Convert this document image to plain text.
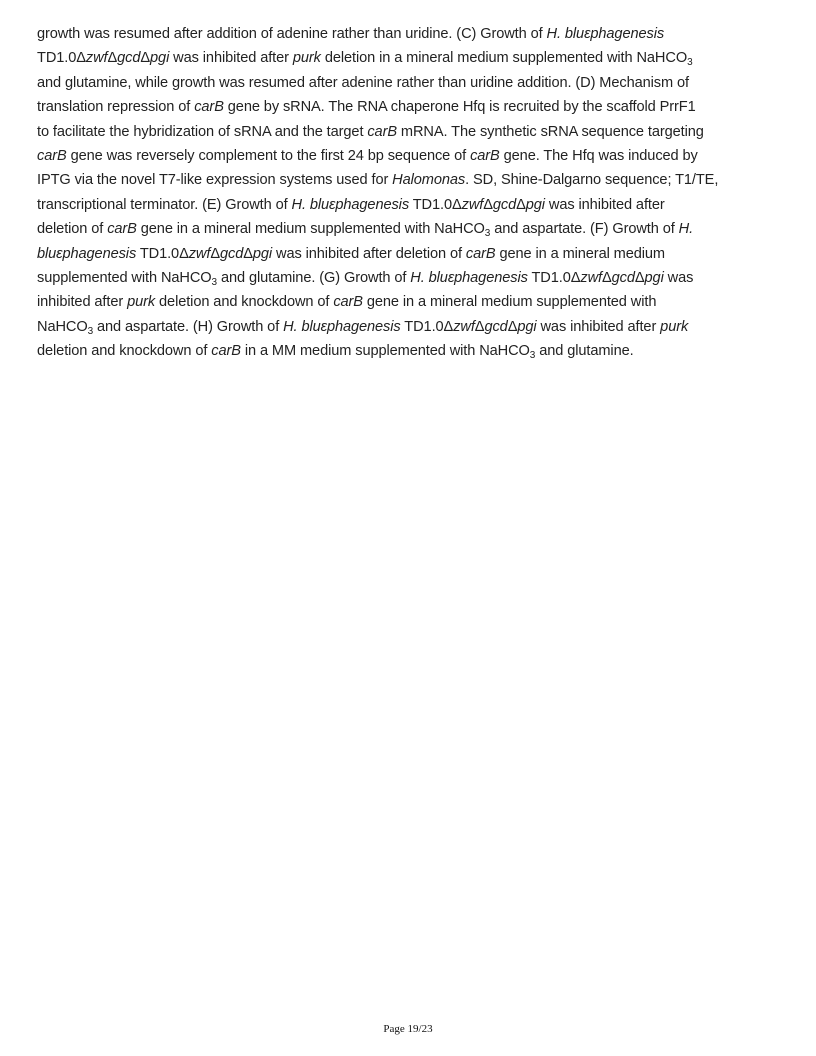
growth was resumed after addition of adenine rather than uridine. (C) Growth of H. bluεphagenesis
TD1.0ΔzwfΔgcdΔpgi was inhibited after purk deletion in a mineral medium supplemented with NaHCO$_3$
and glutamine, while growth was resumed after adenine rather than uridine addition. (D) Mechanism of
translation repression of carB gene by sRNA. The RNA chaperone Hfq is recruited by the scaffold PrrF1
to facilitate the hybridization of sRNA and the target carB mRNA. The synthetic sRNA sequence targeting
carB gene was reversely complement to the first 24 bp sequence of carB gene. The Hfq was induced by
IPTG via the novel T7-like expression systems used for Halomonas. SD, Shine-Dalgarno sequence; T1/TE,
transcriptional terminator. (E) Growth of H. bluεphagenesis TD1.0ΔzwfΔgcdΔpgi was inhibited after
deletion of carB gene in a mineral medium supplemented with NaHCO$_3$ and aspartate. (F) Growth of H.
bluεphagenesis TD1.0ΔzwfΔgcdΔpgi was inhibited after deletion of carB gene in a mineral medium
supplemented with NaHCO$_3$ and glutamine. (G) Growth of H. bluεphagenesis TD1.0ΔzwfΔgcdΔpgi was
inhibited after purk deletion and knockdown of carB gene in a mineral medium supplemented with
NaHCO$_3$ and aspartate. (H) Growth of H. bluεphagenesis TD1.0ΔzwfΔgcdΔpgi was inhibited after purk
deletion and knockdown of carB in a MM medium supplemented with NaHCO$_3$ and glutamine.
Page 19/23
